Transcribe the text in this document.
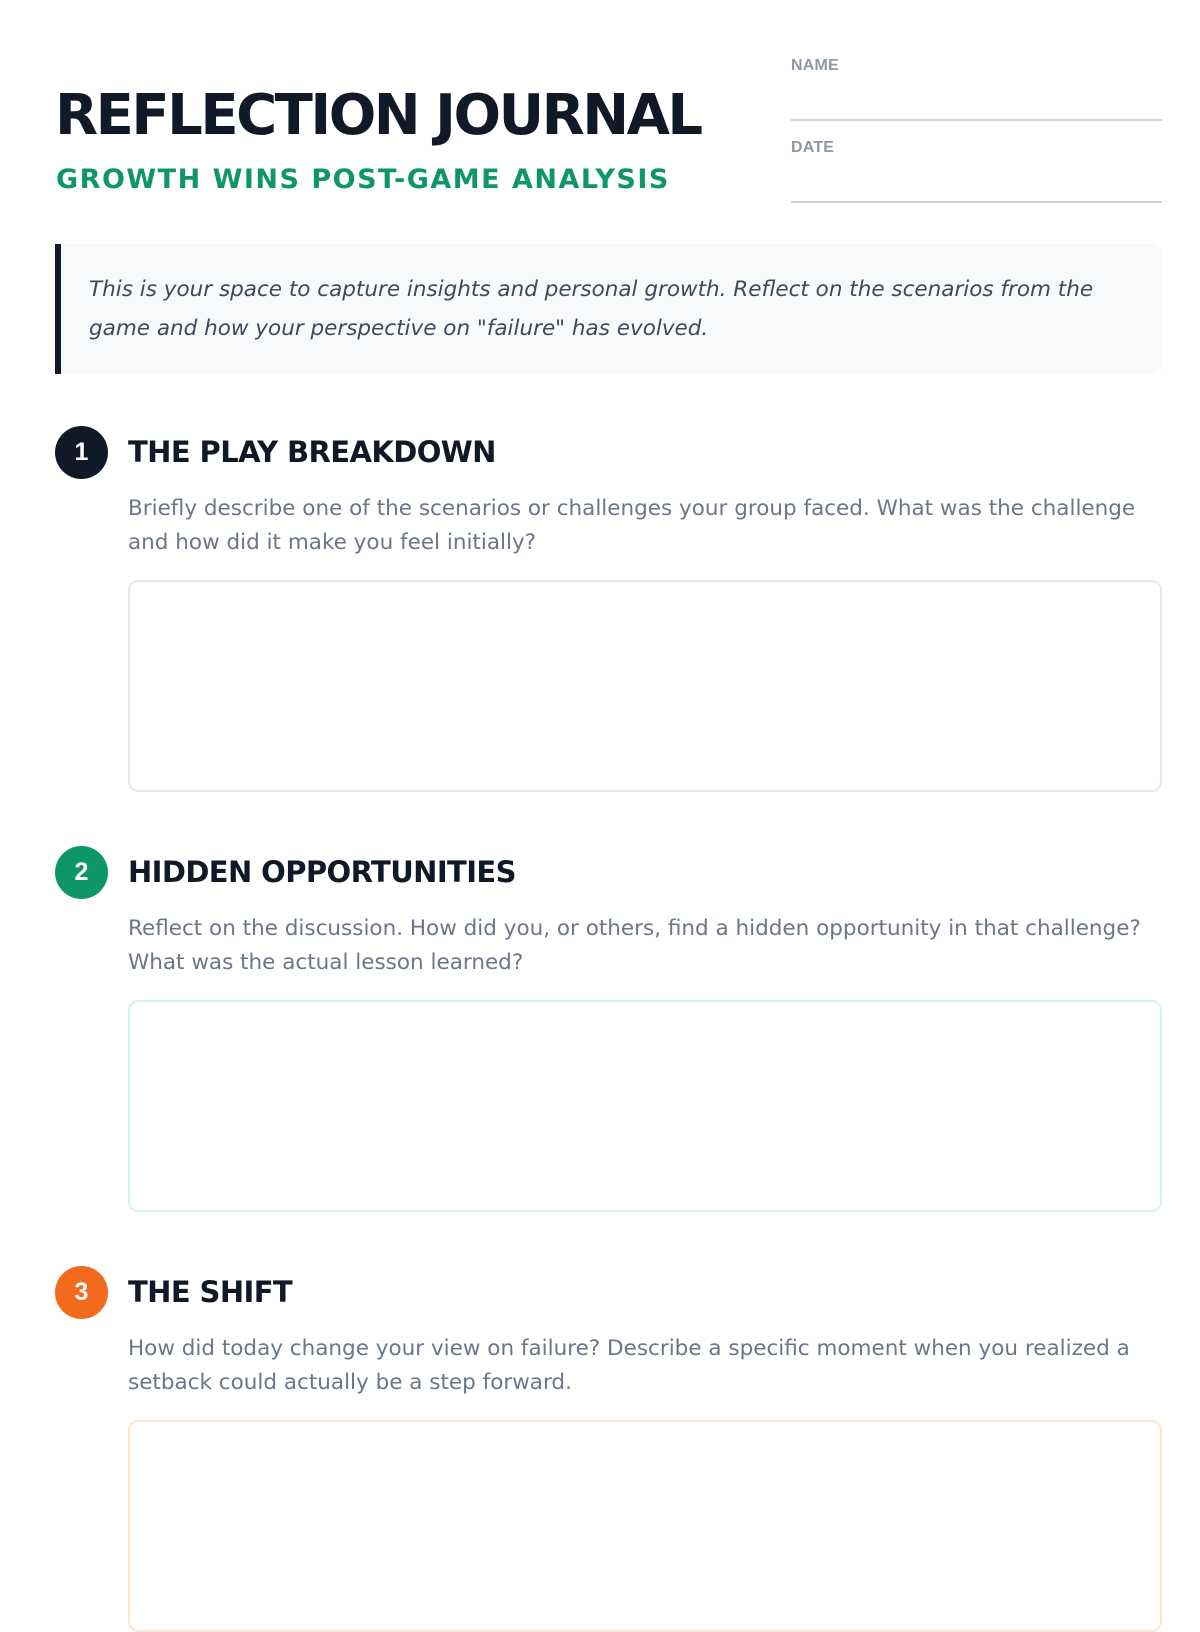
REFLECTION JOURNAL
GROWTH WINS POST-GAME ANALYSIS
NAME
DATE

This is your space to capture insights and personal growth. Reflect on the scenarios from the game and how your perspective on "failure" has evolved.

1	THE PLAY BREAKDOWN

Briefly describe one of the scenarios or challenges your group faced. What was the challenge and how did it make you feel initially?

2	HIDDEN OPPORTUNITIES

Reflect on the discussion. How did you, or others, find a hidden opportunity in that challenge? What was the actual lesson learned?

3	THE SHIFT

How did today change your view on failure? Describe a specific moment when you realized a setback could actually be a step forward.
